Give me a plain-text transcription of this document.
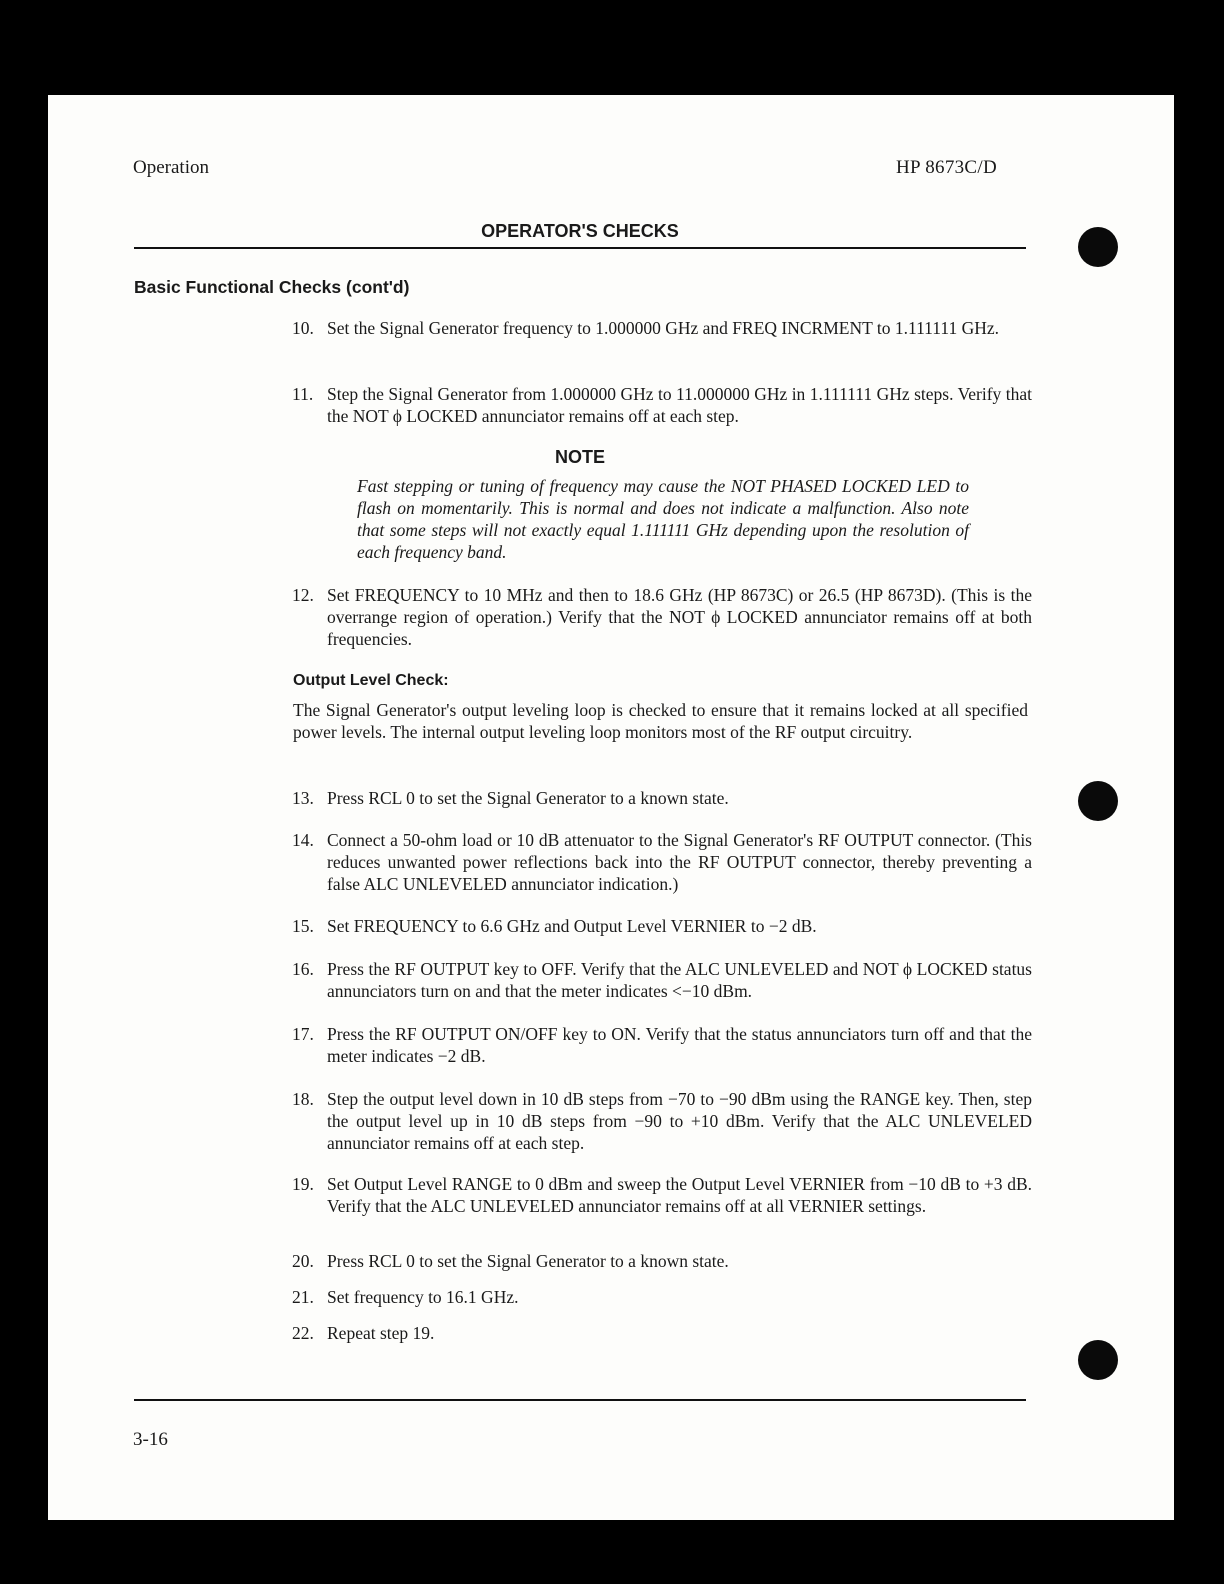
Operation	HP 8673C/D
OPERATOR'S CHECKS
Basic Functional Checks (cont'd)
10. Set the Signal Generator frequency to 1.000000 GHz and FREQ INCRMENT to 1.111111 GHz.
11. Step the Signal Generator from 1.000000 GHz to 11.000000 GHz in 1.111111 GHz steps. Verify that the NOT ϕ LOCKED annunciator remains off at each step.
NOTE
Fast stepping or tuning of frequency may cause the NOT PHASED LOCKED LED to flash on momentarily. This is normal and does not indicate a malfunction. Also note that some steps will not exactly equal 1.111111 GHz depending upon the resolution of each frequency band.
12. Set FREQUENCY to 10 MHz and then to 18.6 GHz (HP 8673C) or 26.5 (HP 8673D). (This is the overrange region of operation.) Verify that the NOT ϕ LOCKED annunciator remains off at both frequencies.
Output Level Check:
The Signal Generator's output leveling loop is checked to ensure that it remains locked at all specified power levels. The internal output leveling loop monitors most of the RF output circuitry.
13. Press RCL 0 to set the Signal Generator to a known state.
14. Connect a 50-ohm load or 10 dB attenuator to the Signal Generator's RF OUTPUT connector. (This reduces unwanted power reflections back into the RF OUTPUT connector, thereby preventing a false ALC UNLEVELED annunciator indication.)
15. Set FREQUENCY to 6.6 GHz and Output Level VERNIER to −2 dB.
16. Press the RF OUTPUT key to OFF. Verify that the ALC UNLEVELED and NOT ϕ LOCKED status annunciators turn on and that the meter indicates <−10 dBm.
17. Press the RF OUTPUT ON/OFF key to ON. Verify that the status annunciators turn off and that the meter indicates −2 dB.
18. Step the output level down in 10 dB steps from −70 to −90 dBm using the RANGE key. Then, step the output level up in 10 dB steps from −90 to +10 dBm. Verify that the ALC UNLEVELED annunciator remains off at each step.
19. Set Output Level RANGE to 0 dBm and sweep the Output Level VERNIER from −10 dB to +3 dB. Verify that the ALC UNLEVELED annunciator remains off at all VERNIER settings.
20. Press RCL 0 to set the Signal Generator to a known state.
21. Set frequency to 16.1 GHz.
22. Repeat step 19.
3-16
